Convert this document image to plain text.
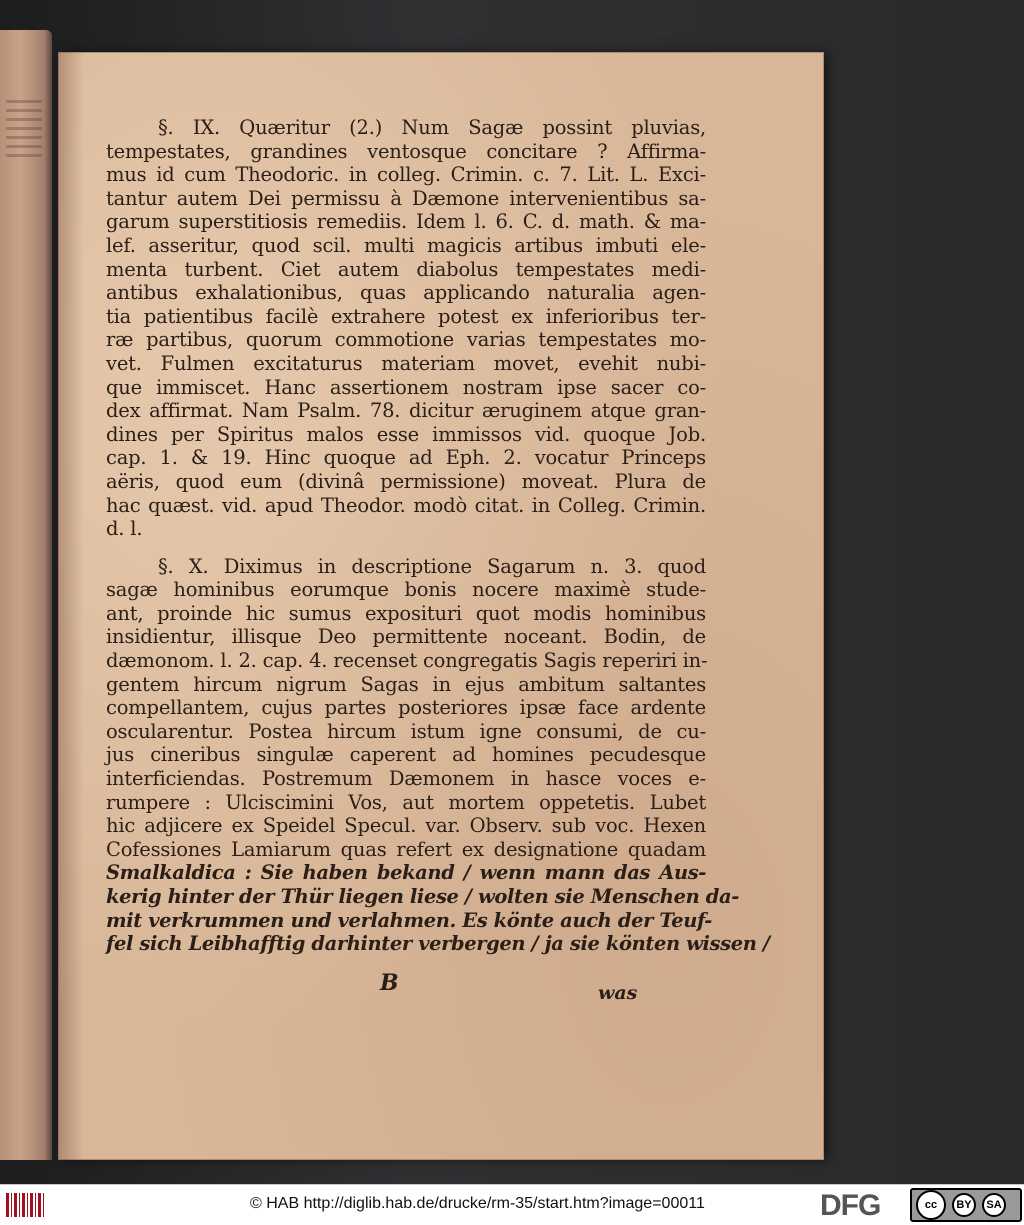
§. IX. Quæritur (2.) Num Sagæ possint pluvias,
tempestates, grandines ventosque concitare ? Affirma-
mus id cum Theodoric. in colleg. Crimin. c. 7. Lit. L. Exci-
tantur autem Dei permissu à Dæmone intervenientibus sa-
garum superstitiosis remediis. Idem l. 6. C. d. math. & ma-
lef. asseritur, quod scil. multi magicis artibus imbuti ele-
menta turbent. Ciet autem diabolus tempestates medi-
antibus exhalationibus, quas applicando naturalia agen-
tia patientibus facilè extrahere potest ex inferioribus ter-
ræ partibus, quorum commotione varias tempestates mo-
vet. Fulmen excitaturus materiam movet, evehit nubi-
que immiscet. Hanc assertionem nostram ipse sacer co-
dex affirmat. Nam Psalm. 78. dicitur æruginem atque gran-
dines per Spiritus malos esse immissos vid. quoque Job.
cap. 1. & 19. Hinc quoque ad Eph. 2. vocatur Princeps
aëris, quod eum (divinâ permissione) moveat. Plura de
hac quæst. vid. apud Theodor. modò citat. in Colleg. Crimin.
d. l.
§. X. Diximus in descriptione Sagarum n. 3. quod
sagæ hominibus eorumque bonis nocere maximè stude-
ant, proinde hic sumus exposituri quot modis hominibus
insidientur, illisque Deo permittente noceant. Bodin, de
dæmonom. l. 2. cap. 4. recenset congregatis Sagis reperiri in-
gentem hircum nigrum Sagas in ejus ambitum saltantes
compellantem, cujus partes posteriores ipsæ face ardente
oscularentur. Postea hircum istum igne consumi, de cu-
jus cineribus singulæ caperent ad homines pecudesque
interficiendas. Postremum Dæmonem in hasce voces e-
rumpere : Ulciscimini Vos, aut mortem oppetetis. Lubet
hic adjicere ex Speidel Specul. var. Observ. sub voc. Hexen
Cofessiones Lamiarum quas refert ex designatione quadam
Smalkaldica : Sie haben bekand / wenn mann das Aus-
kerig hinter der Thür liegen liese / wolten sie Menschen da-
mit verkrummen und verlahmen. Es könte auch der Teuf-
fel sich Leibhafftig darhinter verbergen / ja sie könten wissen /
B	was
© HAB http://diglib.hab.de/drucke/rm-35/start.htm?image=00011	DFG	cc	BY	SA
